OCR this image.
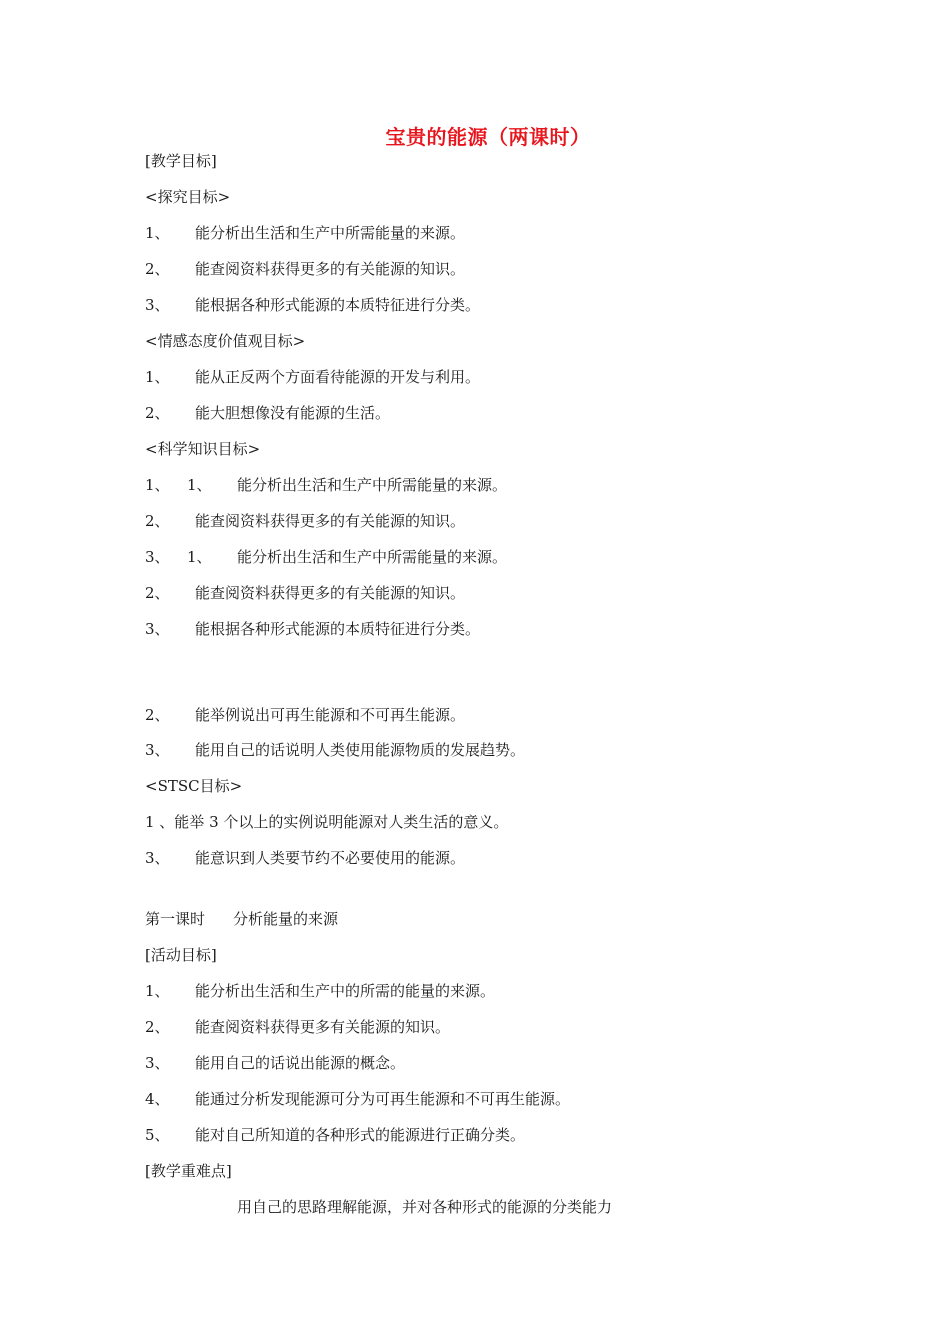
宝贵的能源（两课时）
[教学目标]
<探究目标>
1、 能分析出生活和生产中所需能量的来源。
2、 能查阅资料获得更多的有关能源的知识。
3、 能根据各种形式能源的本质特征进行分类。
<情感态度价值观目标>
1、 能从正反两个方面看待能源的开发与利用。
2、 能大胆想像没有能源的生活。
<科学知识目标>
1、 1、 能分析出生活和生产中所需能量的来源。
2、 能查阅资料获得更多的有关能源的知识。
3、 1、 能分析出生活和生产中所需能量的来源。
2、 能查阅资料获得更多的有关能源的知识。
3、 能根据各种形式能源的本质特征进行分类。
2、 能举例说出可再生能源和不可再生能源。
3、 能用自己的话说明人类使用能源物质的发展趋势。
<STSC目标>
1 、能举 3 个以上的实例说明能源对人类生活的意义。
3、 能意识到人类要节约不必要使用的能源。
第一课时 分析能量的来源
[活动目标]
1、 能分析出生活和生产中的所需的能量的来源。
2、 能查阅资料获得更多有关能源的知识。
3、 能用自己的话说出能源的概念。
4、 能通过分析发现能源可分为可再生能源和不可再生能源。
5、 能对自己所知道的各种形式的能源进行正确分类。
[教学重难点]
用自己的思路理解能源，并对各种形式的能源的分类能力
